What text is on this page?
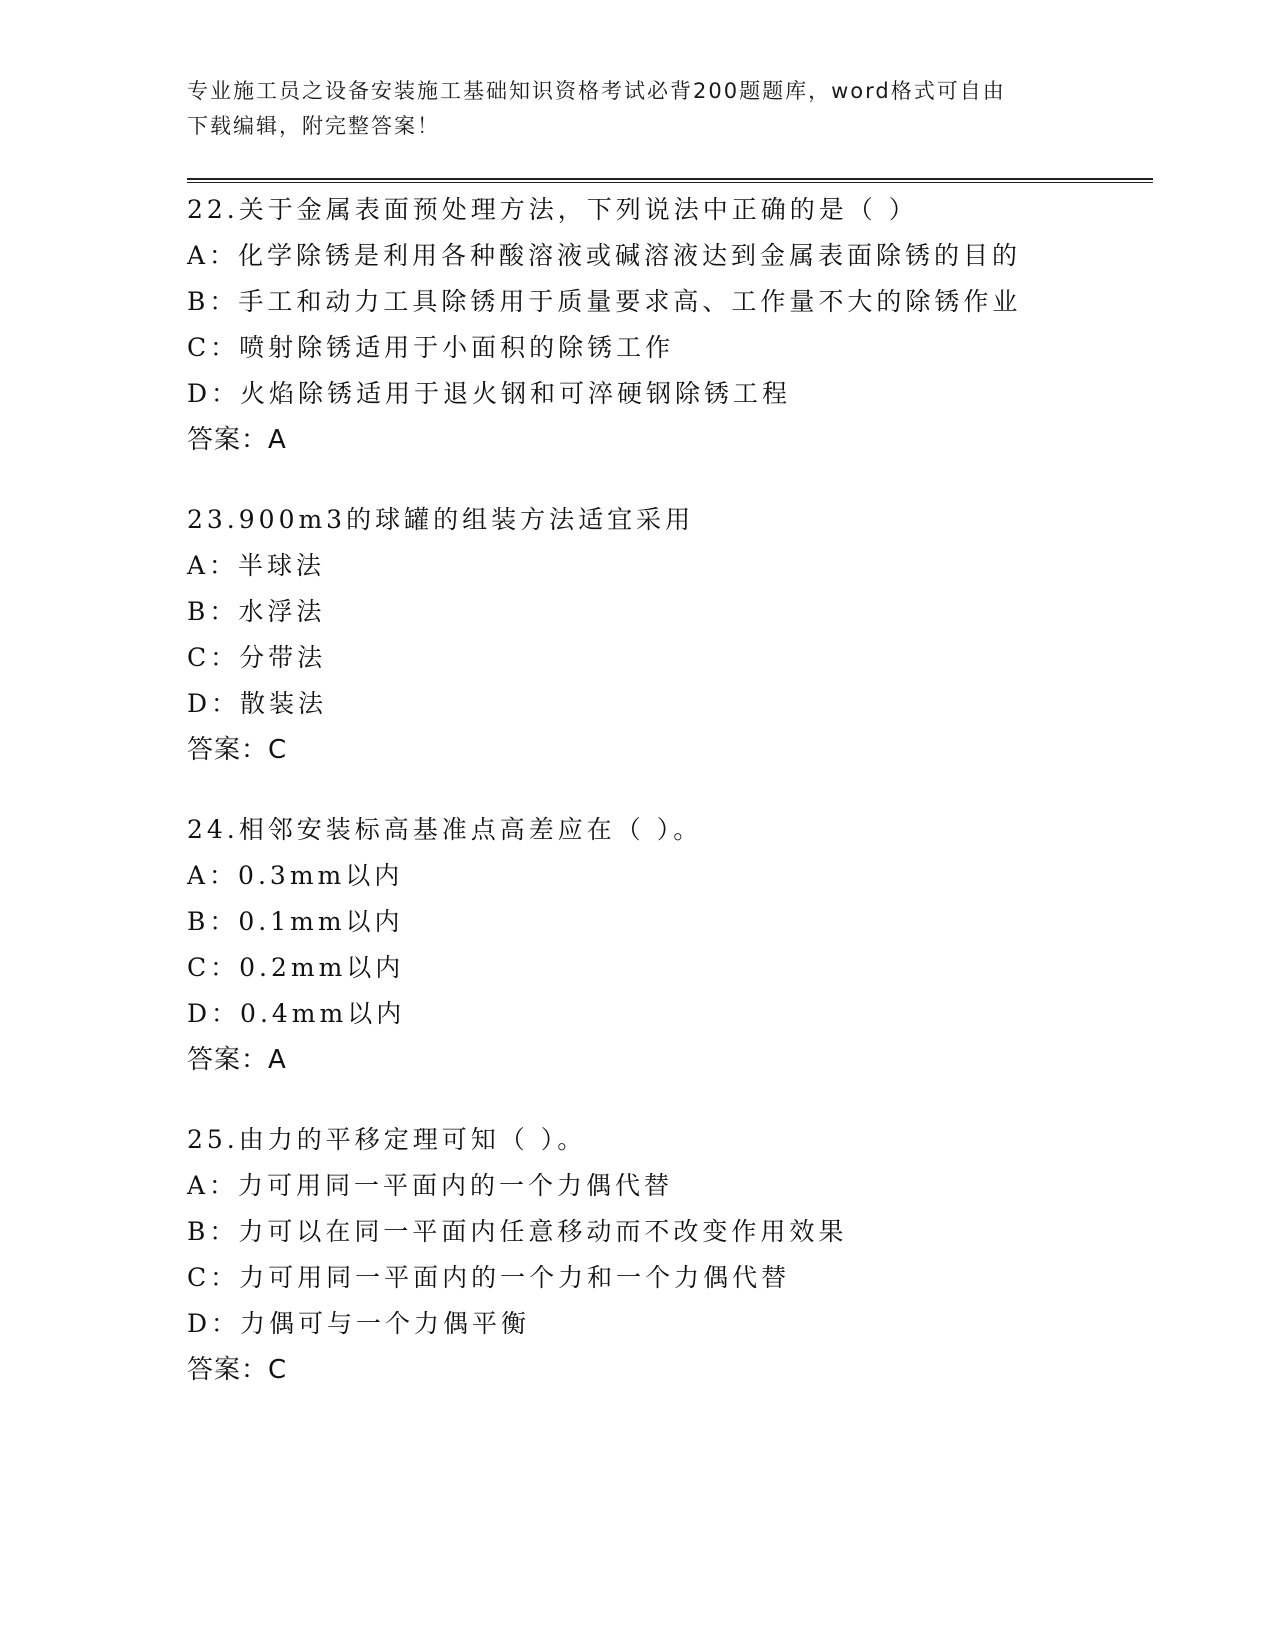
专业施工员之设备安装施工基础知识资格考试必背200题题库，word格式可自由
下载编辑，附完整答案！
22.关于金属表面预处理方法，下列说法中正确的是（ ）
A：化学除锈是利用各种酸溶液或碱溶液达到金属表面除锈的目的
B：手工和动力工具除锈用于质量要求高、工作量不大的除锈作业
C：喷射除锈适用于小面积的除锈工作
D：火焰除锈适用于退火钢和可淬硬钢除锈工程
答案：A
23.900m3的球罐的组装方法适宜采用
A：半球法
B：水浮法
C：分带法
D：散装法
答案：C
24.相邻安装标高基准点高差应在（ ）。
A：0.3mm以内
B：0.1mm以内
C：0.2mm以内
D：0.4mm以内
答案：A
25.由力的平移定理可知（ ）。
A：力可用同一平面内的一个力偶代替
B：力可以在同一平面内任意移动而不改变作用效果
C：力可用同一平面内的一个力和一个力偶代替
D：力偶可与一个力偶平衡
答案：C
